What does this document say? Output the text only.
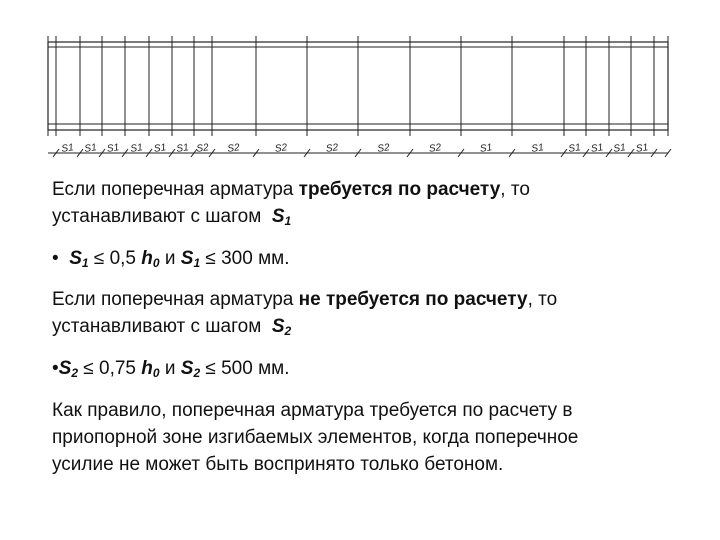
S1 S1 S1 S1 S1 S1 S2 S2	S2	S2	S2	S2	S1	S1 S1 S1 S1 S1
Если поперечная арматура требуется по расчету, то
устанавливают с шагом $S_1$
• $S_1 \le 0,5$ $h_0$ и $S_1 \le 300$ мм.
Если поперечная арматура не требуется по расчету, то
устанавливают с шагом $S_2$
$•S_2 \le 0,75$ $h_0$ и $S_2 \le 500$ мм.
Как правило, поперечная арматура требуется по расчету в
приопорной зоне изгибаемых элементов, когда поперечное
усилие не может быть воспринято только бетоном.
